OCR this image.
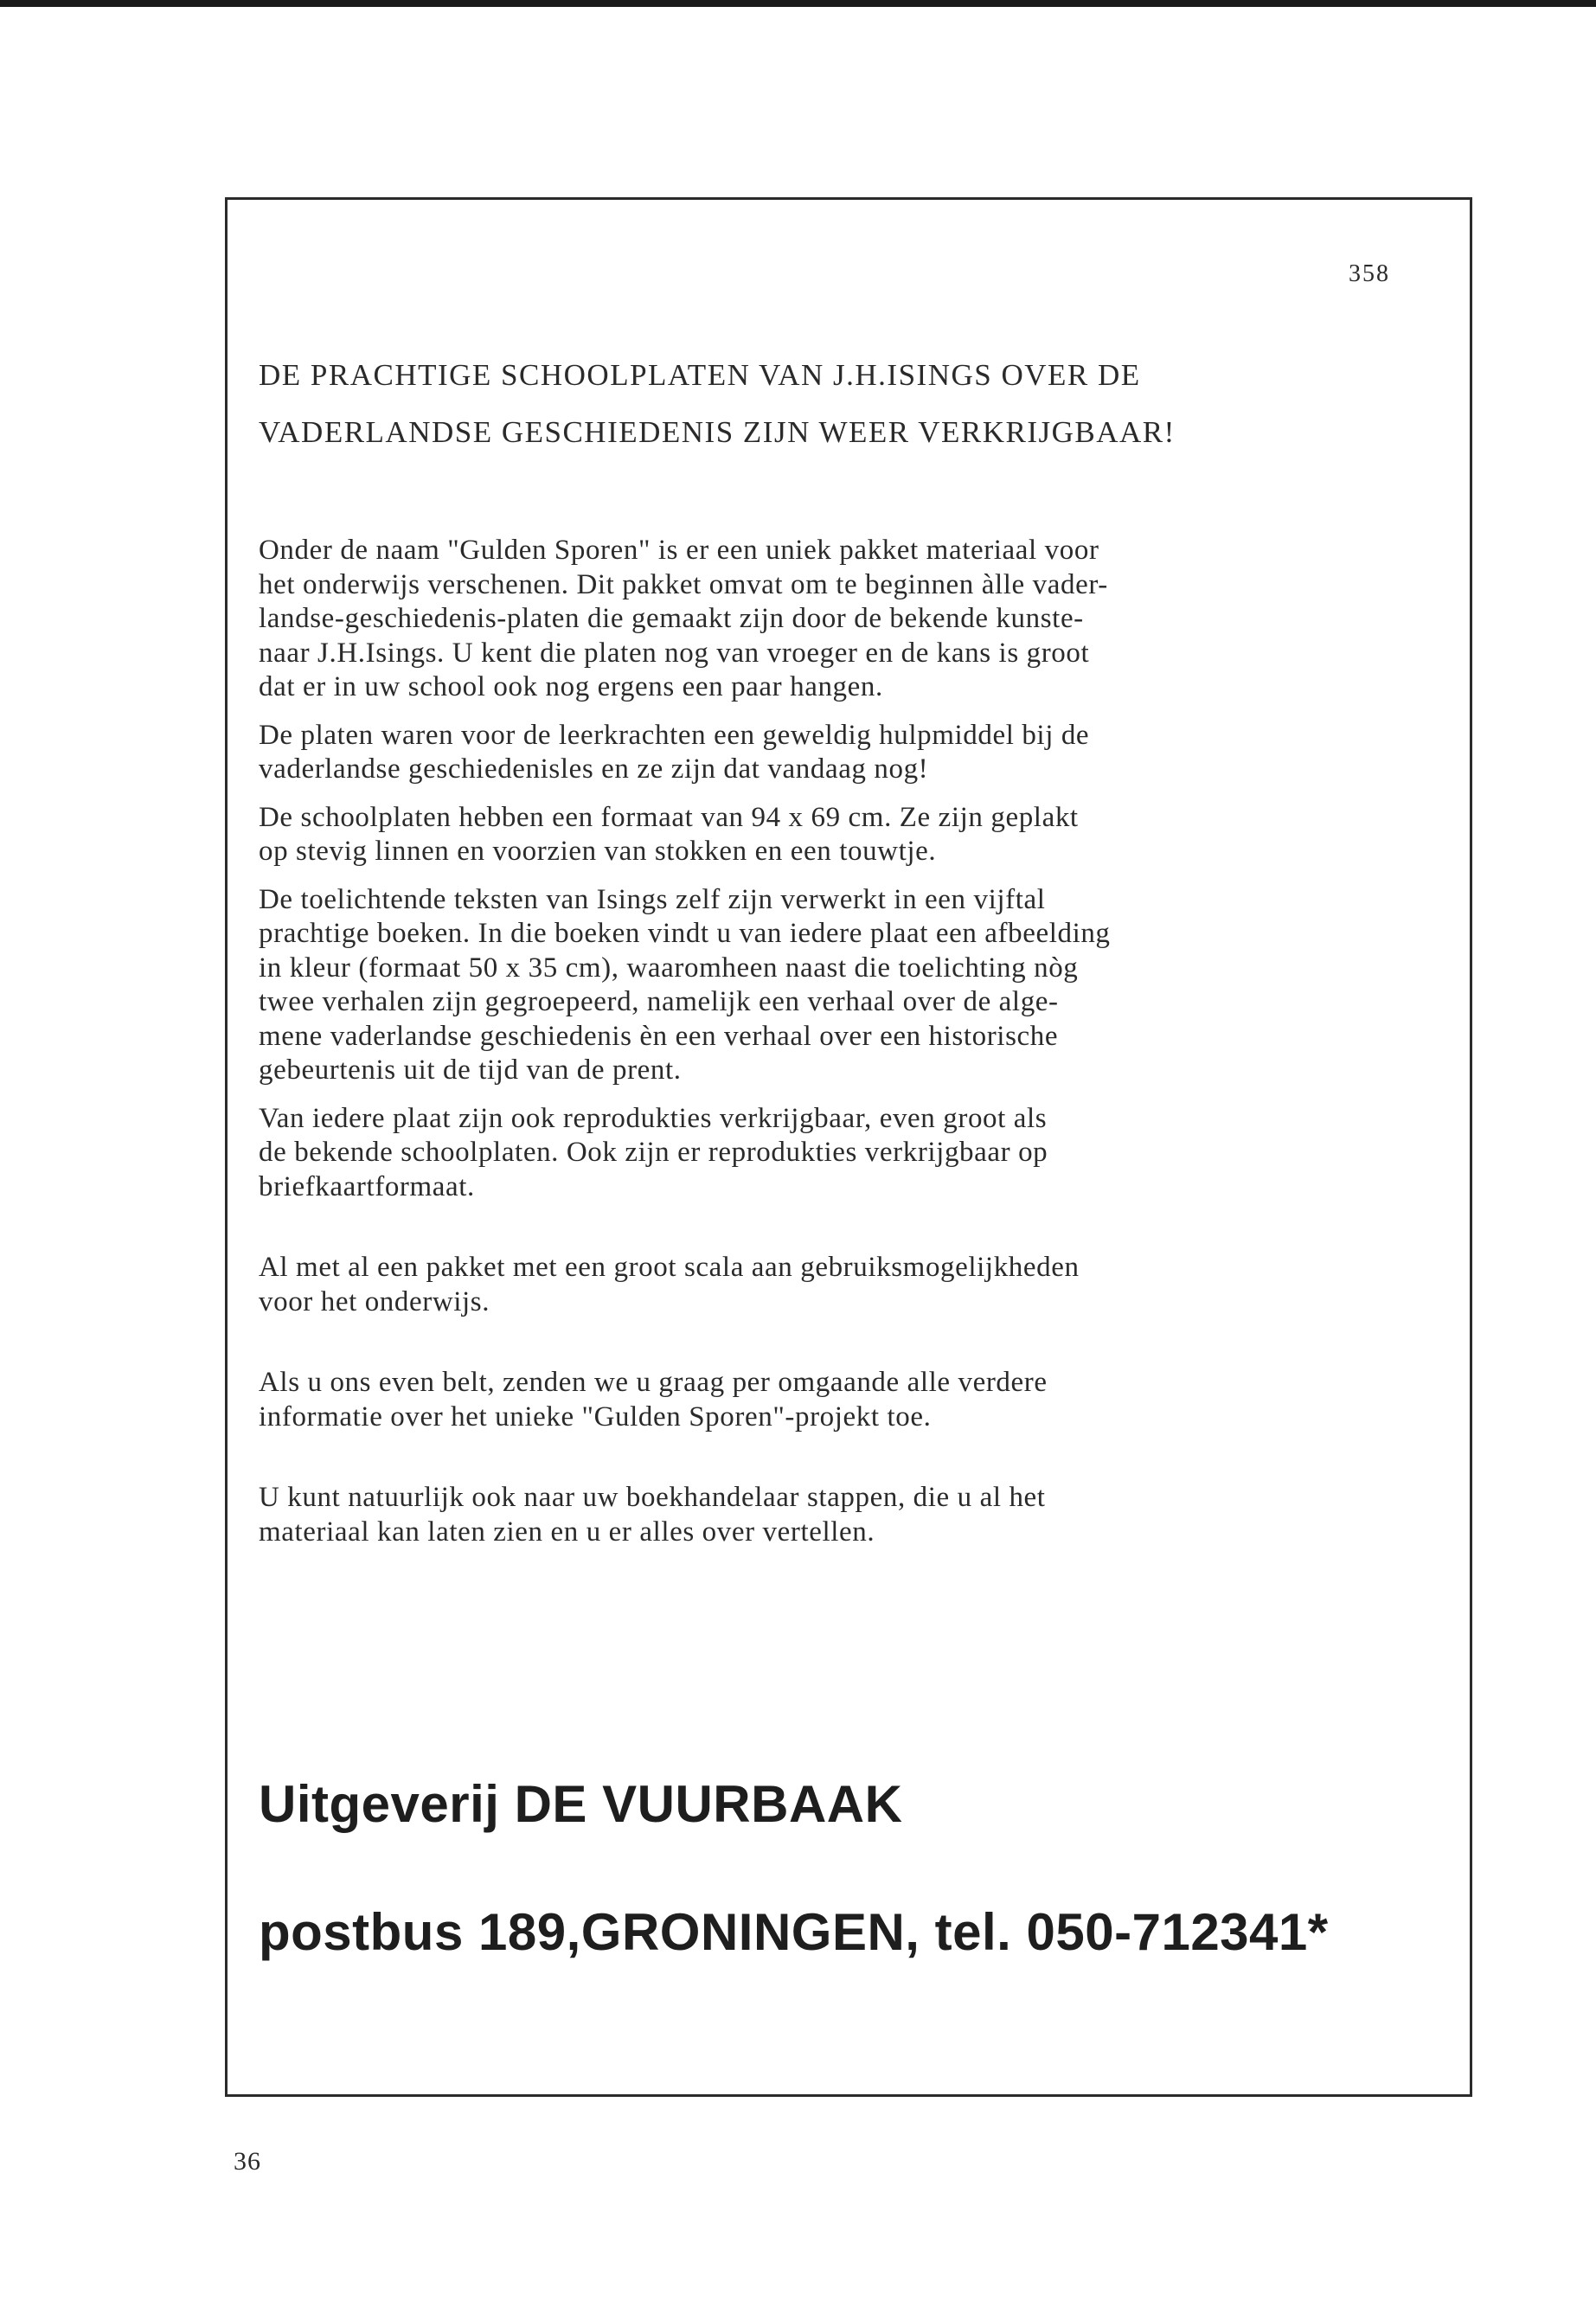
358
DE PRACHTIGE SCHOOLPLATEN VAN J.H.ISINGS OVER DE
VADERLANDSE GESCHIEDENIS ZIJN WEER VERKRIJGBAAR!

Onder de naam "Gulden Sporen" is er een uniek pakket materiaal voor
het onderwijs verschenen. Dit pakket omvat om te beginnen àlle vader-
landse-geschiedenis-platen die gemaakt zijn door de bekende kunste-
naar J.H.Isings. U kent die platen nog van vroeger en de kans is groot
dat er in uw school ook nog ergens een paar hangen.

De platen waren voor de leerkrachten een geweldig hulpmiddel bij de
vaderlandse geschiedenisles en ze zijn dat vandaag nog!

De schoolplaten hebben een formaat van 94 x 69 cm. Ze zijn geplakt
op stevig linnen en voorzien van stokken en een touwtje.

De toelichtende teksten van Isings zelf zijn verwerkt in een vijftal
prachtige boeken. In die boeken vindt u van iedere plaat een afbeelding
in kleur (formaat 50 x 35 cm), waaromheen naast die toelichting nòg
twee verhalen zijn gegroepeerd, namelijk een verhaal over de alge-
mene vaderlandse geschiedenis èn een verhaal over een historische
gebeurtenis uit de tijd van de prent.

Van iedere plaat zijn ook reprodukties verkrijgbaar, even groot als
de bekende schoolplaten. Ook zijn er reprodukties verkrijgbaar op
briefkaartformaat.

Al met al een pakket met een groot scala aan gebruiksmogelijkheden
voor het onderwijs.

Als u ons even belt, zenden we u graag per omgaande alle verdere
informatie over het unieke "Gulden Sporen"-projekt toe.

U kunt natuurlijk ook naar uw boekhandelaar stappen, die u al het
materiaal kan laten zien en u er alles over vertellen.

Uitgeverij DE VUURBAAK
postbus 189,GRONINGEN, tel. 050-712341*
36
